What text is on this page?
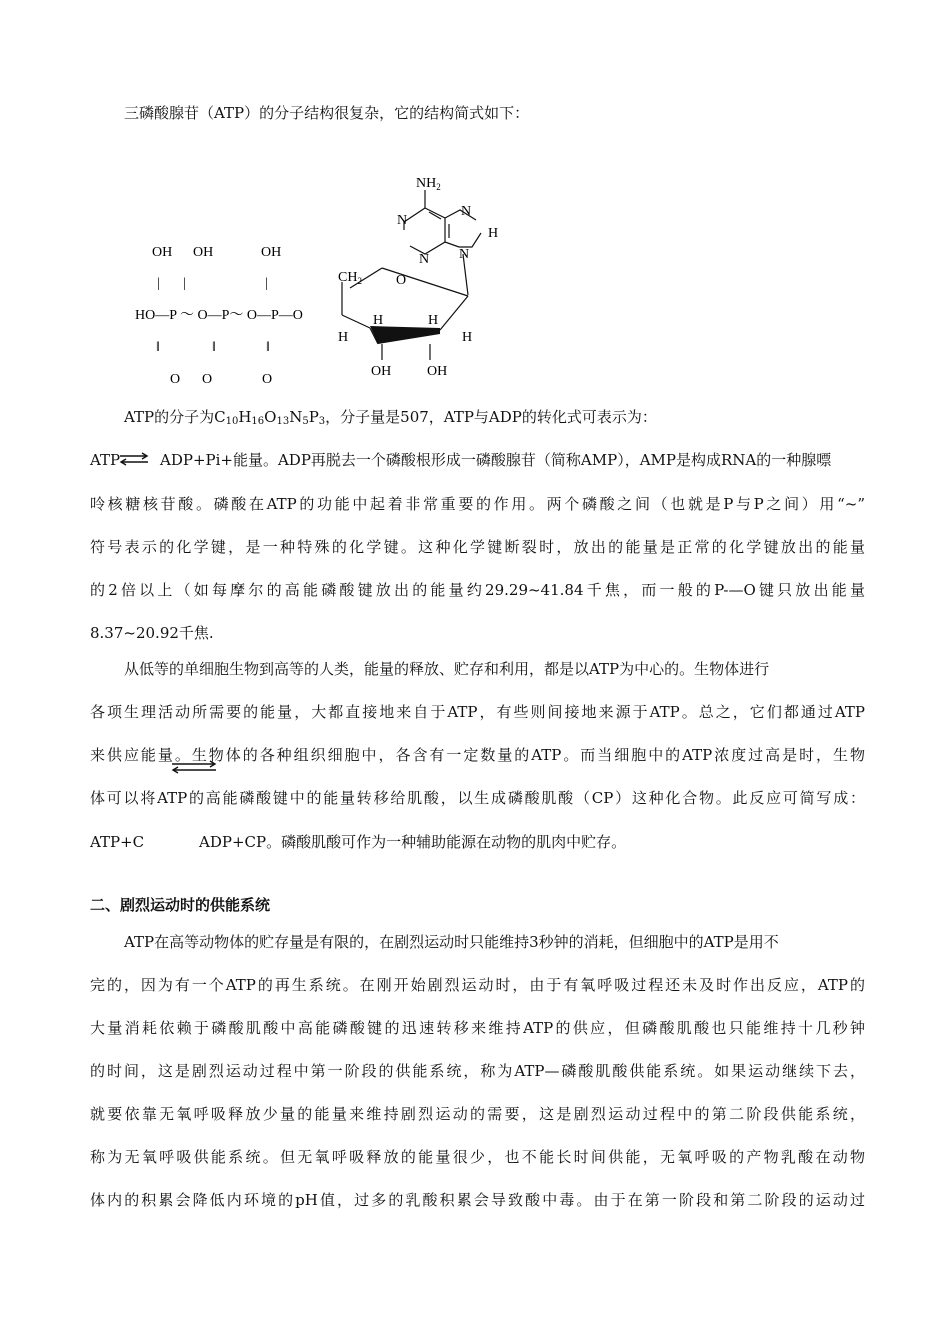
三磷酸腺苷（ATP）的分子结构很复杂，它的结构简式如下：
$NH_2$
N
N
H
N N
$CH_2$ O
H
H	H
H
OH	OH
OH OH	OH
| |	|
HO—P ～ O—P～ O—P—O
‖	‖	‖
O O	O
ATP的分子为$C_{10}H_{16}O_{13}N_5P_3$，分子量是507，ATP与ADP的转化式可表示为：
ATP ⇌ ADP+Pi+能量。ADP再脱去一个磷酸根形成一磷酸腺苷（简称AMP），AMP是构成RNA的一种腺嘌
呤核糖核苷酸。磷酸在ATP的功能中起着非常重要的作用。两个磷酸之间（也就是P与P之间）用“~”
符号表示的化学键，是一种特殊的化学键。这种化学键断裂时，放出的能量是正常的化学键放出的能量
的2倍以上（如每摩尔的高能磷酸键放出的能量约29.29~41.84千焦，而一般的P-—O键只放出能量
8.37~20.92千焦.
从低等的单细胞生物到高等的人类，能量的释放、贮存和利用，都是以ATP为中心的。生物体进行
各项生理活动所需要的能量，大都直接地来自于ATP，有些则间接地来源于ATP。总之，它们都通过ATP
来供应能量。生物体的各种组织细胞中，各含有一定数量的ATP。而当细胞中的ATP浓度过高是时，生物
体可以将ATP的高能磷酸键中的能量转移给肌酸，以生成磷酸肌酸（CP）这种化合物。此反应可简写成：
ATP+C	ADP+CP。磷酸肌酸可作为一种辅助能源在动物的肌肉中贮存。
二、剧烈运动时的供能系统
ATP在高等动物体的贮存量是有限的，在剧烈运动时只能维持3秒钟的消耗，但细胞中的ATP是用不
完的，因为有一个ATP的再生系统。在刚开始剧烈运动时，由于有氧呼吸过程还未及时作出反应，ATP的
大量消耗依赖于磷酸肌酸中高能磷酸键的迅速转移来维持ATP的供应，但磷酸肌酸也只能维持十几秒钟
的时间，这是剧烈运动过程中第一阶段的供能系统，称为ATP—磷酸肌酸供能系统。如果运动继续下去，
就要依靠无氧呼吸释放少量的能量来维持剧烈运动的需要，这是剧烈运动过程中的第二阶段供能系统，
称为无氧呼吸供能系统。但无氧呼吸释放的能量很少，也不能长时间供能，无氧呼吸的产物乳酸在动物
体内的积累会降低内环境的pH值，过多的乳酸积累会导致酸中毒。由于在第一阶段和第二阶段的运动过
